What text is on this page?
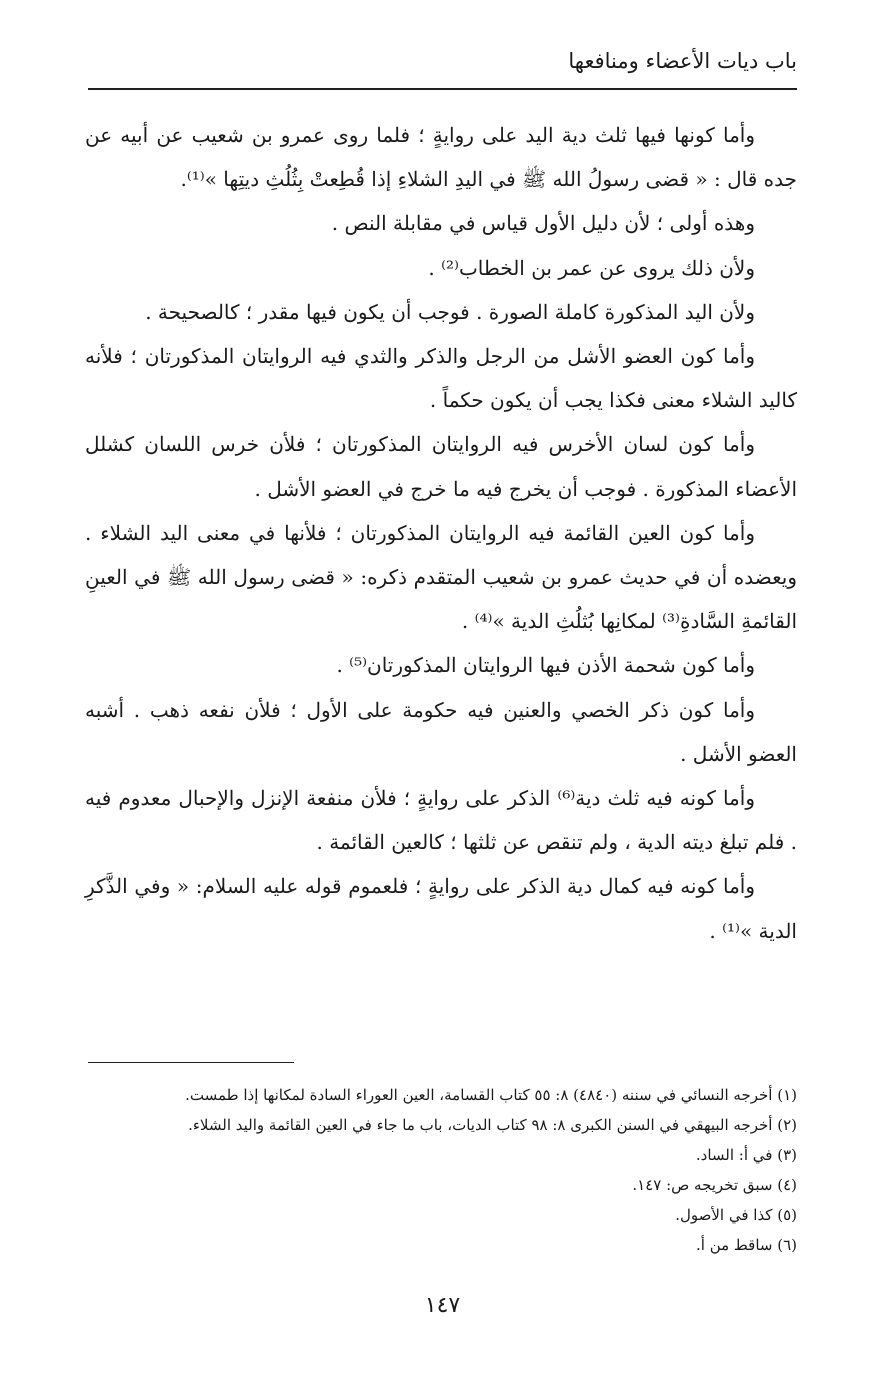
باب ديات الأعضاء ومنافعها

وأما كونها فيها ثلث دية اليد على روايةٍ ؛ فلما روى عمرو بن شعيب عن أبيه عن جده قال : « قضى رسولُ الله ﷺ في اليدِ الشلاءِ إذا قُطِعتْ بِثُلُثِ ديتِها »⁽¹⁾.

وهذه أولى ؛ لأن دليل الأول قياس في مقابلة النص .

ولأن ذلك يروى عن عمر بن الخطاب⁽²⁾ .

ولأن اليد المذكورة كاملة الصورة . فوجب أن يكون فيها مقدر ؛ كالصحيحة .

وأما كون العضو الأشل من الرجل والذكر والثدي فيه الروايتان المذكورتان ؛ فلأنه كاليد الشلاء معنى فكذا يجب أن يكون حكماً .

وأما كون لسان الأخرس فيه الروايتان المذكورتان ؛ فلأن خرس اللسان كشلل الأعضاء المذكورة . فوجب أن يخرج فيه ما خرج في العضو الأشل .

وأما كون العين القائمة فيه الروايتان المذكورتان ؛ فلأنها في معنى اليد الشلاء . ويعضده أن في حديث عمرو بن شعيب المتقدم ذكره: « قضى رسول الله ﷺ في العينِ القائمةِ السَّادةِ⁽³⁾ لمكانِها بُثلُثِ الدية »⁽⁴⁾ .

وأما كون شحمة الأذن فيها الروايتان المذكورتان⁽⁵⁾ .

وأما كون ذكر الخصي والعنين فيه حكومة على الأول ؛ فلأن نفعه ذهب . أشبه العضو الأشل .

وأما كونه فيه ثلث دية⁽⁶⁾ الذكر على روايةٍ ؛ فلأن منفعة الإنزل والإحبال معدوم فيه . فلم تبلغ ديته الدية ، ولم تنقص عن ثلثها ؛ كالعين القائمة .

وأما كونه فيه كمال دية الذكر على روايةٍ ؛ فلعموم قوله عليه السلام: « وفي الذَّكرِ الدية »⁽¹⁾ .

(١) أخرجه النسائي في سننه (٤٨٤٠) ٨: ٥٥ كتاب القسامة، العين العوراء السادة لمكانها إذا طمست.
(٢) أخرجه البيهقي في السنن الكبرى ٨: ٩٨ كتاب الديات، باب ما جاء في العين القائمة واليد الشلاء.
(٣) في أ: الساد.
(٤) سبق تخريجه ص: ١٤٧.
(٥) كذا في الأصول.
(٦) ساقط من أ.
١٤٧
